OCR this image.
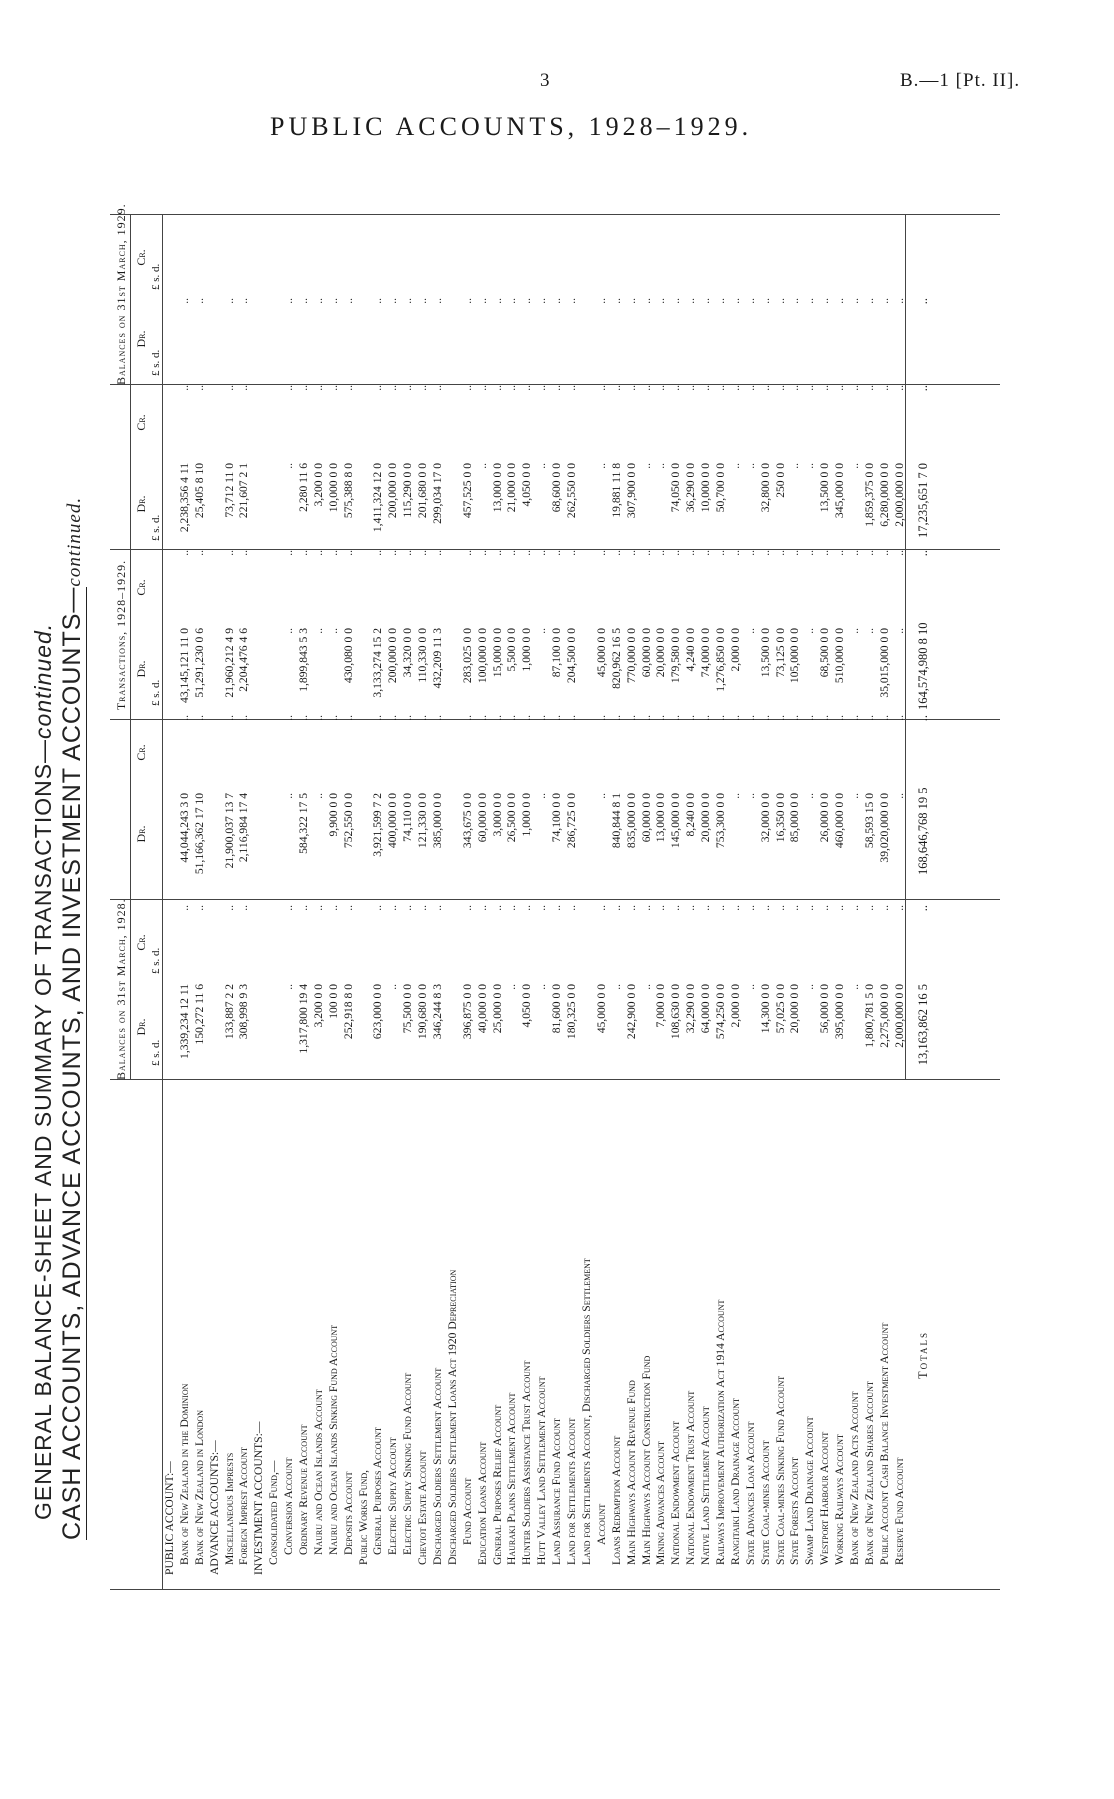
3	B.—1 [Pt. II].
PUBLIC ACCOUNTS, 1928–1929.
GENERAL BALANCE-SHEET AND SUMMARY OF TRANSACTIONS—continued. CASH ACCOUNTS, ADVANCE ACCOUNTS, AND INVESTMENT ACCOUNTS—continued.
Balances on 31st March, 1928.
Transactions, 1928–1929.
Balances on 31st March, 1929.
Dr.
Cr.
Dr.
Cr.
Dr.
Cr.
Dr.
Cr.
Dr.
Cr.
£ s. d.
£ s. d.
£ s. d.
£ s. d.
£ s. d.
£ s. d.
PUBLIC ACCOUNT:— Bank of New Zealand in the Dominion
1,339,234 12 11
..
44,044,243 3 0
..
43,145,121 11 0
..
2,238,356 4 11
..
..
Bank of New Zealand in London
150,272 11 6
..
51,166,362 17 10
..
51,291,230 0 6
..
25,405 8 10
..
..
ADVANCE ACCOUNTS:— Miscellaneous Imprests
133,887 2 2
..
21,900,037 13 7
..
21,960,212 4 9
..
73,712 11 0
..
..
Foreign Imprest Account
308,998 9 3
..
2,116,984 17 4
..
2,204,476 4 6
..
221,607 2 1
..
..
INVESTMENT ACCOUNTS:— Consolidated Fund,— Conversion Account
..
..
..
..
..
..
..
..
..
Ordinary Revenue Account
1,317,800 19 4
..
584,322 17 5
..
1,899,843 5 3
..
2,280 11 6
..
..
Nauru and Ocean Islands Account
3,200 0 0
..
..
..
..
..
3,200 0 0
..
..
Nauru and Ocean Islands Sinking Fund Account
100 0 0
..
9,900 0 0
..
..
..
10,000 0 0
..
..
Deposits Account
252,918 8 0
..
752,550 0 0
..
430,080 0 0
..
575,388 8 0
..
..
Public Works Fund, General Purposes Account
623,000 0 0
..
3,921,599 7 2
..
3,133,274 15 2
..
1,411,324 12 0
..
..
Electric Supply Account
..
..
400,000 0 0
..
200,000 0 0
..
200,000 0 0
..
..
Electric Supply Sinking Fund Account
75,500 0 0
..
74,110 0 0
..
34,320 0 0
..
115,290 0 0
..
..
Cheviot Estate Account
190,680 0 0
..
121,330 0 0
..
110,330 0 0
..
201,680 0 0
..
..
Discharged Soldiers Settlement Account
346,244 8 3
..
385,000 0 0
..
432,209 11 3
..
299,034 17 0
..
..
Discharged Soldiers Settlement Loans Act 1920 Depreciation Fund Account
396,875 0 0
..
343,675 0 0
..
283,025 0 0
..
457,525 0 0
..
..
Education Loans Account
40,000 0 0
..
60,000 0 0
..
100,000 0 0
..
..
..
..
General Purposes Relief Account
25,000 0 0
..
3,000 0 0
..
15,000 0 0
..
13,000 0 0
..
..
Hauraki Plains Settlement Account
..
..
26,500 0 0
..
5,500 0 0
..
21,000 0 0
..
..
Hunter Soldiers Assistance Trust Account
4,050 0 0
..
1,000 0 0
..
1,000 0 0
..
4,050 0 0
..
..
Hutt Valley Land Settlement Account
..
..
..
..
..
..
..
..
..
Land Assurance Fund Account
81,600 0 0
..
74,100 0 0
..
87,100 0 0
..
68,600 0 0
..
..
Land for Settlements Account
180,325 0 0
..
286,725 0 0
..
204,500 0 0
..
262,550 0 0
..
..
Land for Settlements Account, Discharged Soldiers Settlement Account
45,000 0 0
..
..
..
45,000 0 0
..
..
..
..
Loans Redemption Account
..
..
840,844 8 1
..
820,962 16 5
..
19,881 11 8
..
..
Main Highways Account Revenue Fund
242,900 0 0
..
835,000 0 0
..
770,000 0 0
..
307,900 0 0
..
..
Main Highways Account Construction Fund
..
..
60,000 0 0
..
60,000 0 0
..
..
..
..
Mining Advances Account
7,000 0 0
..
13,000 0 0
..
20,000 0 0
..
..
..
..
National Endowment Account
108,630 0 0
..
145,000 0 0
..
179,580 0 0
..
74,050 0 0
..
..
National Endowment Trust Account
32,290 0 0
..
8,240 0 0
..
4,240 0 0
..
36,290 0 0
..
..
Native Land Settlement Account
64,000 0 0
..
20,000 0 0
..
74,000 0 0
..
10,000 0 0
..
..
Railways Improvement Authorization Act 1914 Account
574,250 0 0
..
753,300 0 0
..
1,276,850 0 0
..
50,700 0 0
..
..
Rangitaiki Land Drainage Account
2,000 0 0
..
..
..
2,000 0 0
..
..
..
..
State Advances Loan Account
..
..
..
..
..
..
..
..
..
State Coal-mines Account
14,300 0 0
..
32,000 0 0
..
13,500 0 0
..
32,800 0 0
..
..
State Coal-mines Sinking Fund Account
57,025 0 0
..
16,350 0 0
..
73,125 0 0
..
250 0 0
..
..
State Forests Account
20,000 0 0
..
85,000 0 0
..
105,000 0 0
..
..
..
..
Swamp Land Drainage Account
..
..
..
..
..
..
..
..
..
Westport Harbour Account
56,000 0 0
..
26,000 0 0
..
68,500 0 0
..
13,500 0 0
..
..
Working Railways Account
395,000 0 0
..
460,000 0 0
..
510,000 0 0
..
345,000 0 0
..
..
Bank of New Zealand Acts Account
..
..
..
..
..
..
..
..
..
Bank of New Zealand Shares Account
1,800,781 5 0
..
58,593 15 0
..
..
..
1,859,375 0 0
..
..
Public Account Cash Balance Investment Account
2,275,000 0 0
..
39,020,000 0 0
..
35,015,000 0 0
..
6,280,000 0 0
..
..
Reserve Fund Account
2,000,000 0 0
..
..
..
..
..
2,000,000 0 0
..
..
Totals
13,163,862 16 5
..
168,646,768 19 5
..
164,574,980 8 10
..
17,235,651 7 0
..
..
